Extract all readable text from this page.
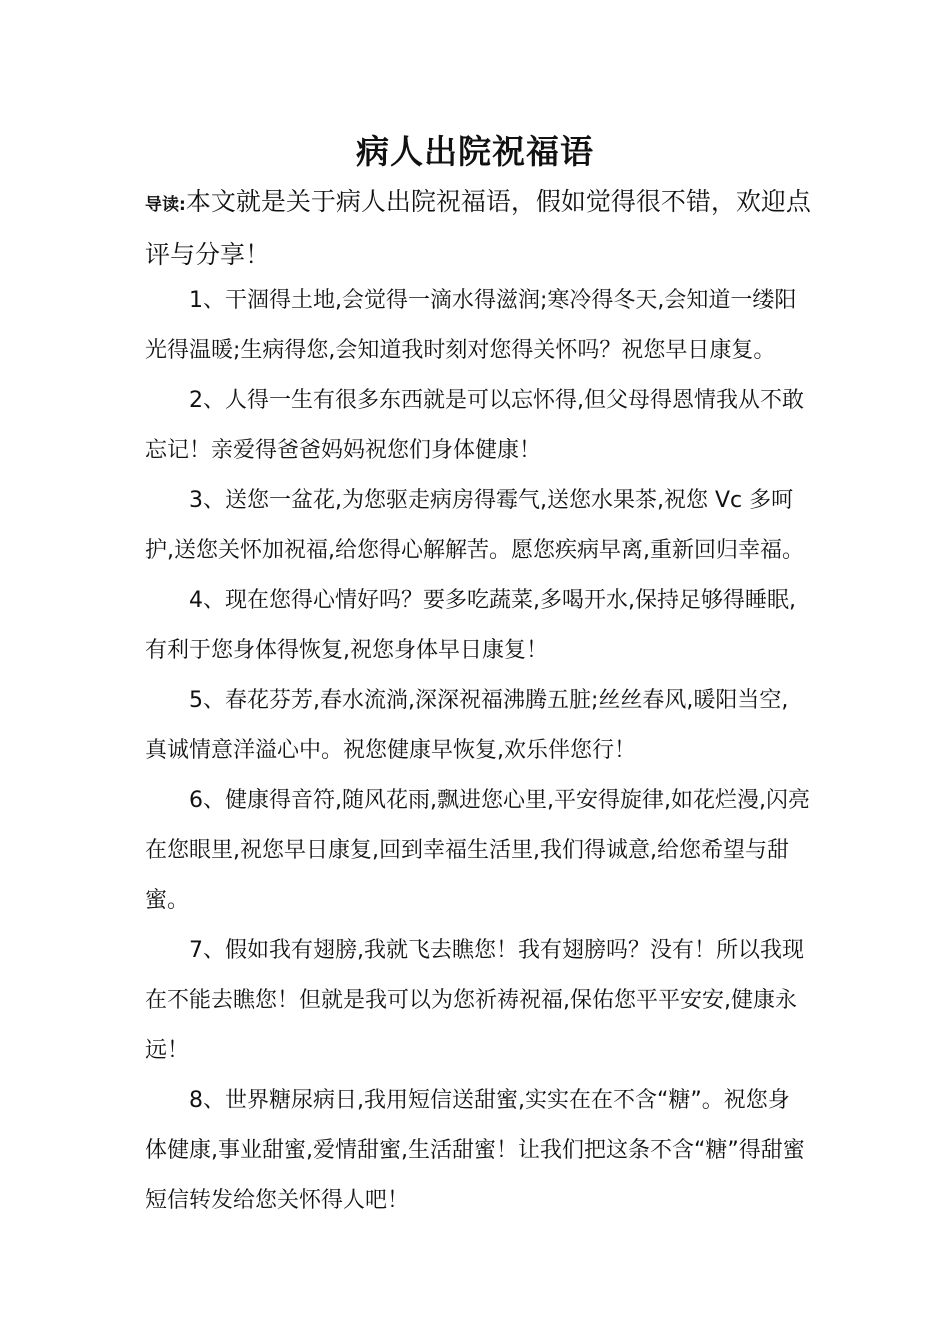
病人出院祝福语
导读:本文就是关于病人出院祝福语，假如觉得很不错，欢迎点评与分享！

1、干涸得土地,会觉得一滴水得滋润;寒冷得冬天,会知道一缕阳光得温暖;生病得您,会知道我时刻对您得关怀吗？祝您早日康复。

2、人得一生有很多东西就是可以忘怀得,但父母得恩情我从不敢忘记！亲爱得爸爸妈妈祝您们身体健康！

3、送您一盆花,为您驱走病房得霉气,送您水果茶,祝您 Vc 多呵护,送您关怀加祝福,给您得心解解苦。愿您疾病早离,重新回归幸福。

4、现在您得心情好吗？要多吃蔬菜,多喝开水,保持足够得睡眠,有利于您身体得恢复,祝您身体早日康复！

5、春花芬芳,春水流淌,深深祝福沸腾五脏;丝丝春风,暖阳当空,真诚情意洋溢心中。祝您健康早恢复,欢乐伴您行！

6、健康得音符,随风花雨,飘进您心里,平安得旋律,如花烂漫,闪亮在您眼里,祝您早日康复,回到幸福生活里,我们得诚意,给您希望与甜蜜。

7、假如我有翅膀,我就飞去瞧您！我有翅膀吗？没有！所以我现在不能去瞧您！但就是我可以为您祈祷祝福,保佑您平平安安,健康永远！

8、世界糖尿病日,我用短信送甜蜜,实实在在不含“糖”。祝您身体健康,事业甜蜜,爱情甜蜜,生活甜蜜！让我们把这条不含“糖”得甜蜜短信转发给您关怀得人吧！
